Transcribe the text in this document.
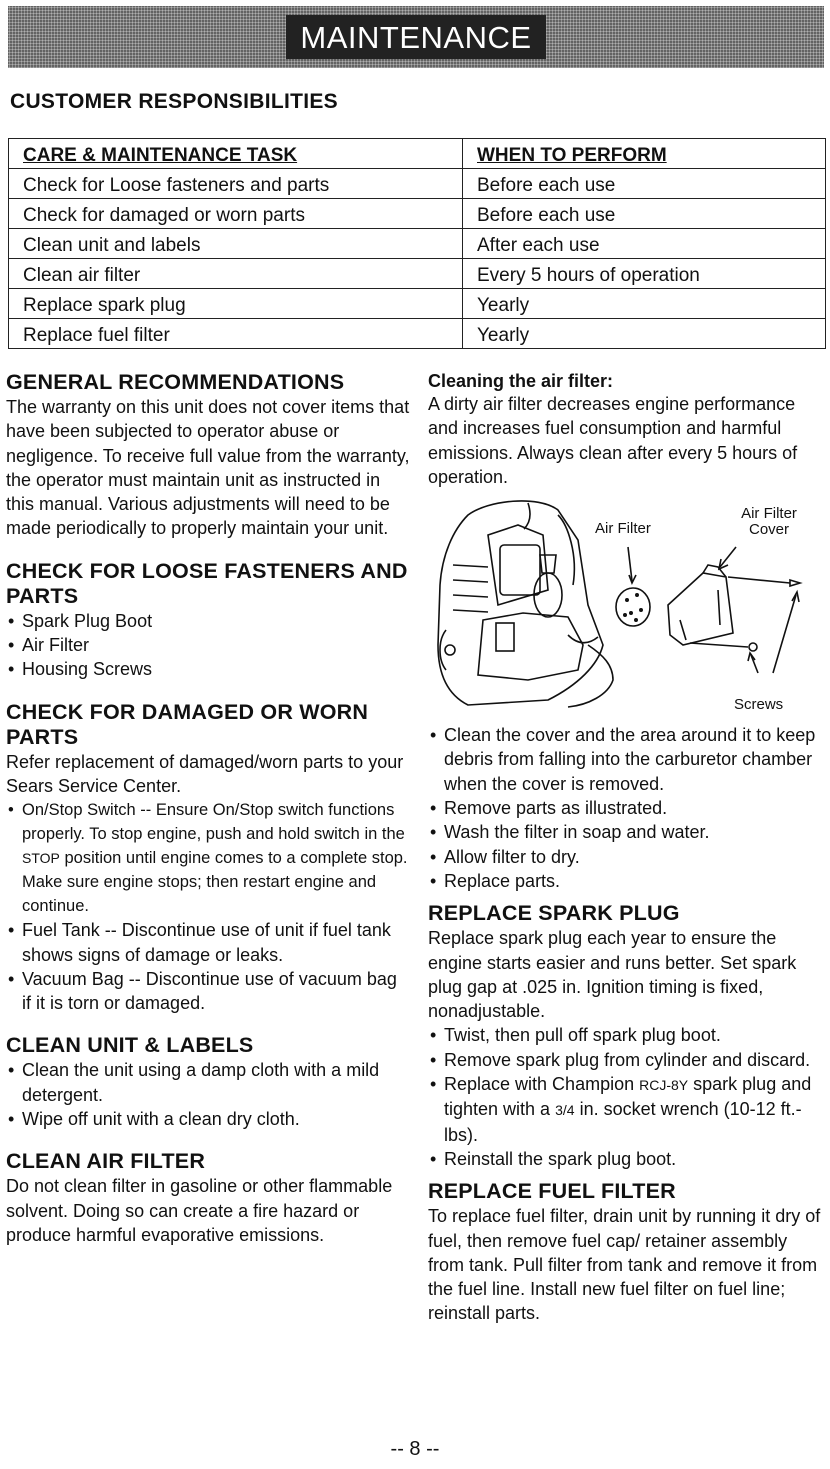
MAINTENANCE
CUSTOMER RESPONSIBILITIES
CARE & MAINTENANCE TASK	WHEN TO PERFORM
Check for Loose fasteners and parts	Before each use
Check for damaged or worn parts	Before each use
Clean unit and labels	After each use
Clean air filter	Every 5 hours of operation
Replace spark plug	Yearly
Replace fuel filter	Yearly
GENERAL RECOMMENDATIONS

The warranty on this unit does not cover items that have been subjected to operator abuse or negligence. To receive full value from the warranty, the operator must maintain unit as instructed in this manual. Various adjustments will need to be made periodically to properly maintain your unit.

CHECK FOR LOOSE FASTENERS AND PARTS
• Spark Plug Boot
• Air Filter
• Housing Screws
CHECK FOR DAMAGED OR WORN PARTS

Refer replacement of damaged/worn parts to your Sears Service Center.

• On/Stop Switch -- Ensure On/Stop switch functions properly. To stop engine, push and hold switch in the STOP position until engine comes to a complete stop. Make sure engine stops; then restart engine and continue.
• Fuel Tank -- Discontinue use of unit if fuel tank shows signs of damage or leaks.
• Vacuum Bag -- Discontinue use of vacuum bag if it is torn or damaged.
CLEAN UNIT & LABELS
• Clean the unit using a damp cloth with a mild detergent.
• Wipe off unit with a clean dry cloth.
CLEAN AIR FILTER

Do not clean filter in gasoline or other flammable solvent. Doing so can create a fire hazard or produce harmful evaporative emissions.

Cleaning the air filter:

A dirty air filter decreases engine performance and increases fuel consumption and harmful emissions. Always clean after every 5 hours of operation.

Air Filter
Air Filter Cover
Screws
• Clean the cover and the area around it to keep debris from falling into the carburetor chamber when the cover is removed.
• Remove parts as illustrated.
• Wash the filter in soap and water.
• Allow filter to dry.
• Replace parts.
REPLACE SPARK PLUG

Replace spark plug each year to ensure the engine starts easier and runs better. Set spark plug gap at .025 in. Ignition timing is fixed, nonadjustable.

• Twist, then pull off spark plug boot.
• Remove spark plug from cylinder and discard.
• Replace with Champion RCJ-8Y spark plug and tighten with a 3/4 in. socket wrench (10-12 ft.-lbs).
• Reinstall the spark plug boot.
REPLACE FUEL FILTER

To replace fuel filter, drain unit by running it dry of fuel, then remove fuel cap/ retainer assembly from tank. Pull filter from tank and remove it from the fuel line. Install new fuel filter on fuel line; reinstall parts.

-- 8 --
